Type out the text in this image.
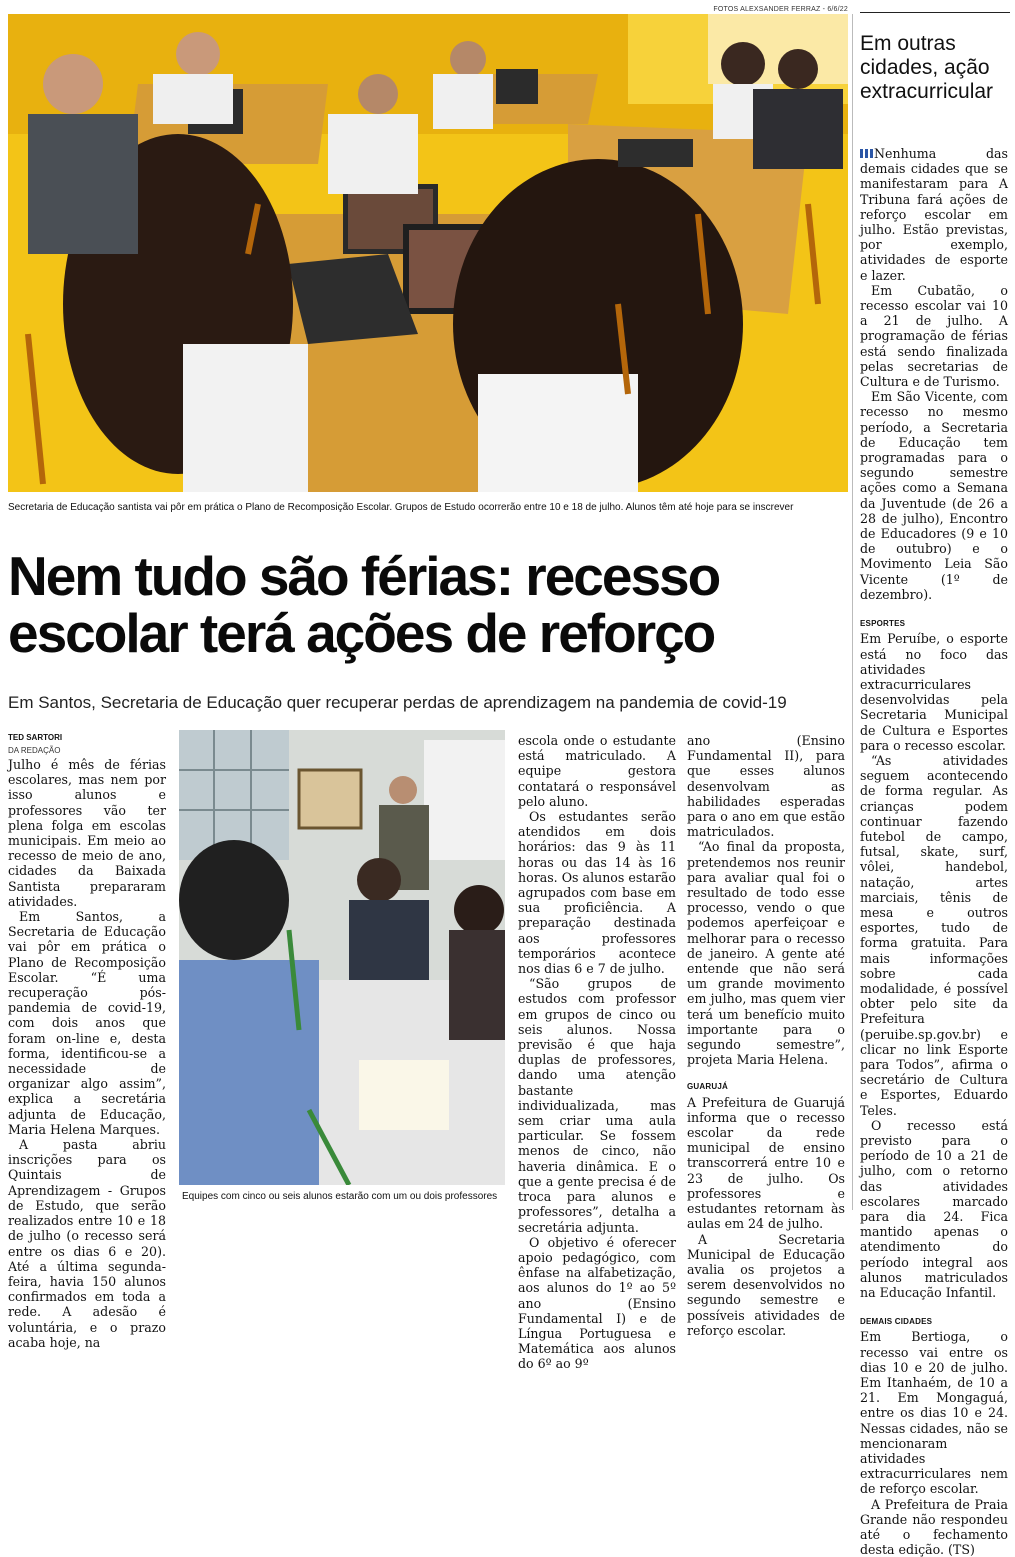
FOTOS ALEXSANDER FERRAZ - 6/6/22
Secretaria de Educação santista vai pôr em prática o Plano de Recomposição Escolar. Grupos de Estudo ocorrerão entre 10 e 18 de julho. Alunos têm até hoje para se inscrever
Nem tudo são férias: recesso escolar terá ações de reforço
Em Santos, Secretaria de Educação quer recuperar perdas de aprendizagem na pandemia de covid-19
TED SARTORI
DA REDAÇÃO

Julho é mês de férias escolares, mas nem por isso alunos e professores vão ter plena folga em escolas municipais. Em meio ao recesso de meio de ano, cidades da Baixada Santista prepararam atividades.

Em Santos, a Secretaria de Educação vai pôr em prática o Plano de Recomposição Escolar. “É uma recuperação pós-pandemia de covid-19, com dois anos que foram on-line e, desta forma, identificou-se a necessidade de organizar algo assim”, explica a secretária adjunta de Educação, Maria Helena Marques.

A pasta abriu inscrições para os Quintais de Aprendizagem - Grupos de Estudo, que serão realizados entre 10 e 18 de julho (o recesso será entre os dias 6 e 20). Até a última segunda-feira, havia 150 alunos confirmados em toda a rede. A adesão é voluntária, e o prazo acaba hoje, na

Equipes com cinco ou seis alunos estarão com um ou dois professores

escola onde o estudante está matriculado. A equipe gestora contatará o responsável pelo aluno.

Os estudantes serão atendidos em dois horários: das 9 às 11 horas ou das 14 às 16 horas. Os alunos estarão agrupados com base em sua proficiência. A preparação destinada aos professores temporários acontece nos dias 6 e 7 de julho.

“São grupos de estudos com professor em grupos de cinco ou seis alunos. Nossa previsão é que haja duplas de professores, dando uma atenção bastante individualizada, mas sem criar uma aula particular. Se fossem menos de cinco, não haveria dinâmica. E o que a gente precisa é de troca para alunos e professores”, detalha a secretária adjunta.

O objetivo é oferecer apoio pedagógico, com ênfase na alfabetização, aos alunos do 1º ao 5º ano (Ensino Fundamental I) e de Língua Portuguesa e Matemática aos alunos do 6º ao 9º

ano (Ensino Fundamental II), para que esses alunos desenvolvam as habilidades esperadas para o ano em que estão matriculados.

“Ao final da proposta, pretendemos nos reunir para avaliar qual foi o resultado de todo esse processo, vendo o que podemos aperfeiçoar e melhorar para o recesso de janeiro. A gente até entende que não será um grande movimento em julho, mas quem vier terá um benefício muito importante para o segundo semestre”, projeta Maria Helena.

GUARUJÁ

A Prefeitura de Guarujá informa que o recesso escolar da rede municipal de ensino transcorrerá entre 10 e 23 de julho. Os professores e estudantes retornam às aulas em 24 de julho.

A Secretaria Municipal de Educação avalia os projetos a serem desenvolvidos no segundo semestre e possíveis atividades de reforço escolar.

Em outras cidades, ação extracurricular

Nenhuma das demais cidades que se manifestaram para A Tribuna fará ações de reforço escolar em julho. Estão previstas, por exemplo, atividades de esporte e lazer.

Em Cubatão, o recesso escolar vai 10 a 21 de julho. A programação de férias está sendo finalizada pelas secretarias de Cultura e de Turismo.

Em São Vicente, com recesso no mesmo período, a Secretaria de Educação tem programadas para o segundo semestre ações como a Semana da Juventude (de 26 a 28 de julho), Encontro de Educadores (9 e 10 de outubro) e o Movimento Leia São Vicente (1º de dezembro).

ESPORTES

Em Peruíbe, o esporte está no foco das atividades extracurriculares desenvolvidas pela Secretaria Municipal de Cultura e Esportes para o recesso escolar.

“As atividades seguem acontecendo de forma regular. As crianças podem continuar fazendo futebol de campo, futsal, skate, surf, vôlei, handebol, natação, artes marciais, tênis de mesa e outros esportes, tudo de forma gratuita. Para mais informações sobre cada modalidade, é possível obter pelo site da Prefeitura (peruibe.sp.gov.br) e clicar no link Esporte para Todos”, afirma o secretário de Cultura e Esportes, Eduardo Teles.

O recesso está previsto para o período de 10 a 21 de julho, com o retorno das atividades escolares marcado para dia 24. Fica mantido apenas o atendimento do período integral aos alunos matriculados na Educação Infantil.

DEMAIS CIDADES

Em Bertioga, o recesso vai entre os dias 10 e 20 de julho. Em Itanhaém, de 10 a 21. Em Mongaguá, entre os dias 10 e 24. Nessas cidades, não se mencionaram atividades extracurriculares nem de reforço escolar.

A Prefeitura de Praia Grande não respondeu até o fechamento desta edição. (TS)
